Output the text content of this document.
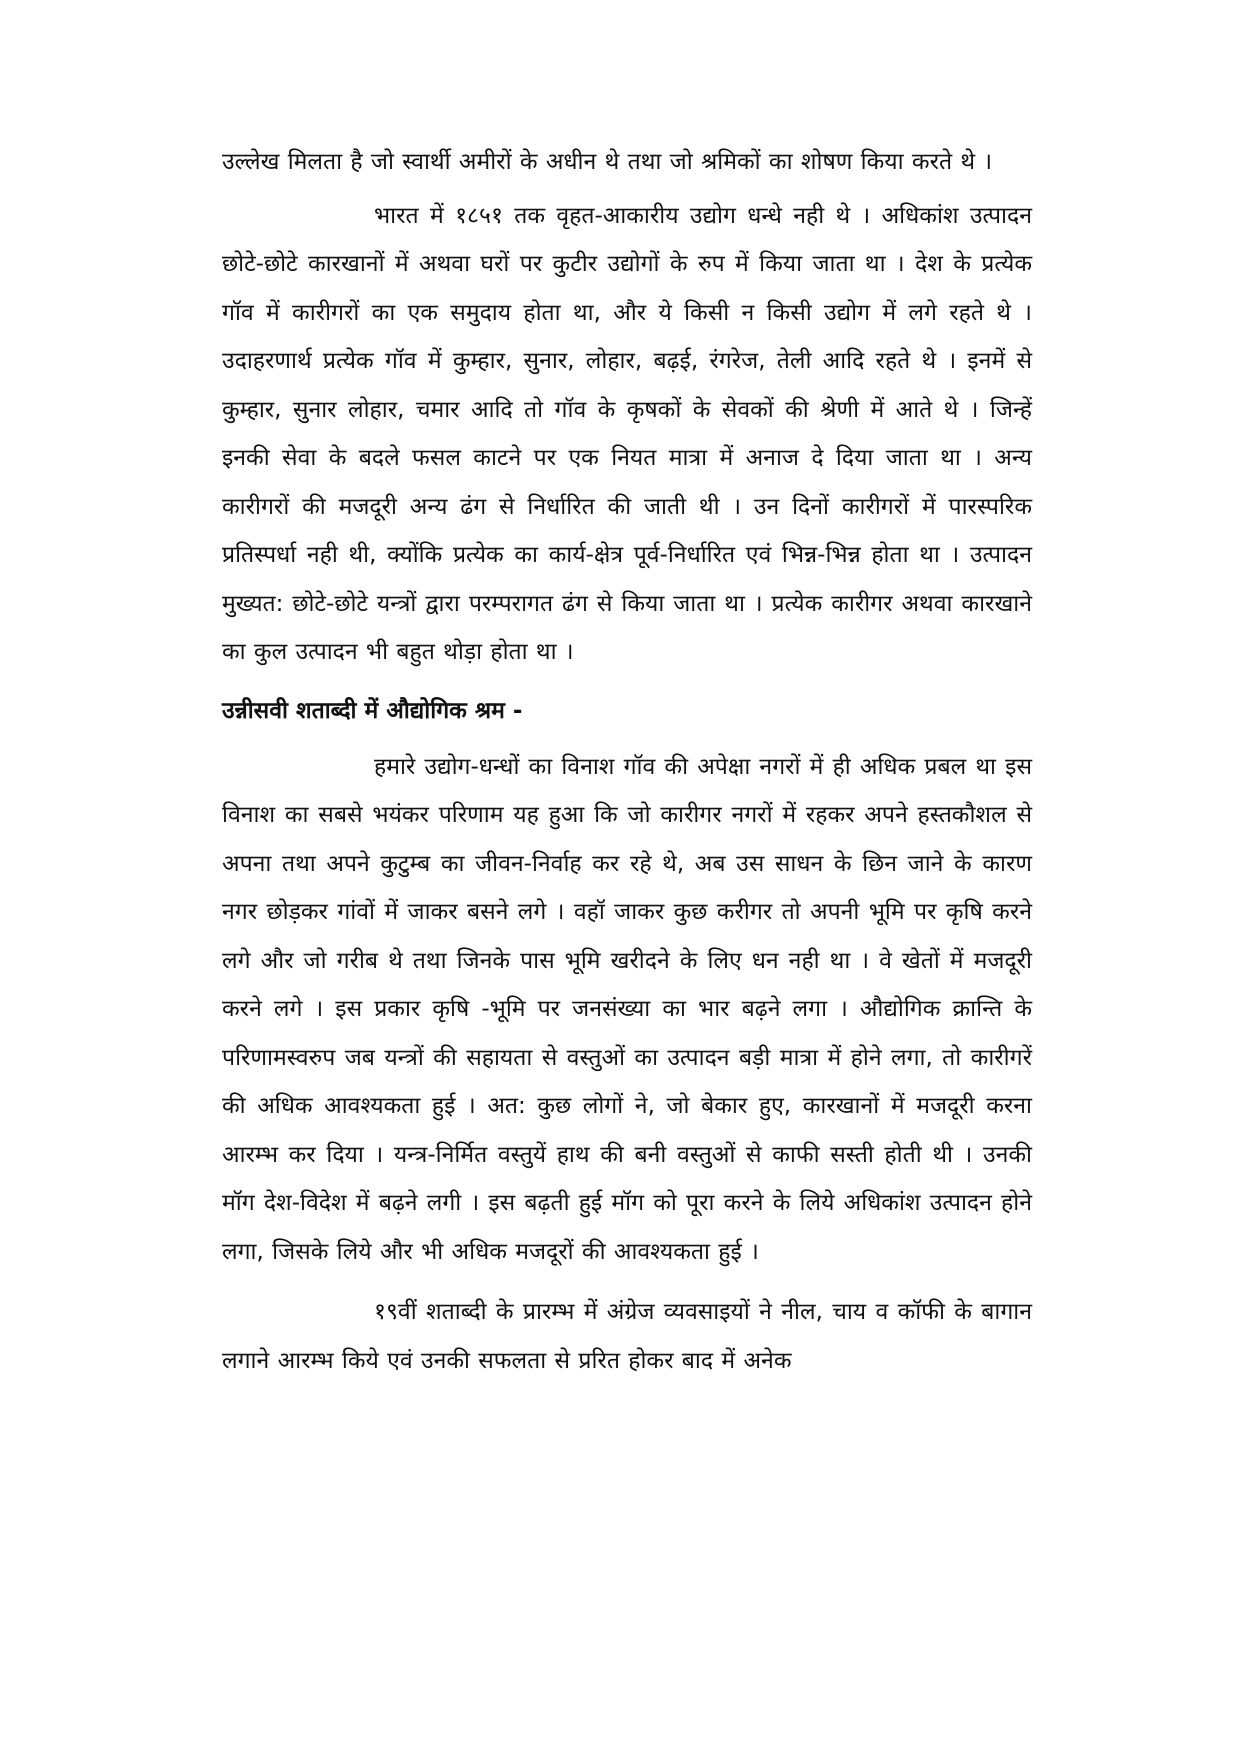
उल्लेख मिलता है जो स्वार्थी अमीरों के अधीन थे तथा जो श्रमिकों का शोषण किया करते थे ।

भारत में १८५१ तक वृहत-आकारीय उद्योग धन्धे नही थे । अधिकांश उत्पादन छोटे-छोटे कारखानों में अथवा घरों पर कुटीर उद्योगों के रुप में किया जाता था । देश के प्रत्येक गॉव में कारीगरों का एक समुदाय होता था, और ये किसी न किसी उद्योग में लगे रहते थे । उदाहरणार्थ प्रत्येक गॉव में कुम्हार, सुनार, लोहार, बढ़ई, रंगरेज, तेली आदि रहते थे । इनमें से कुम्हार, सुनार लोहार, चमार आदि तो गॉव के कृषकों के सेवकों की श्रेणी में आते थे । जिन्हें इनकी सेवा के बदले फसल काटने पर एक नियत मात्रा में अनाज दे दिया जाता था । अन्य कारीगरों की मजदूरी अन्य ढंग से निर्धारित की जाती थी । उन दिनों कारीगरों में पारस्परिक प्रतिस्पर्धा नही थी, क्योंकि प्रत्येक का कार्य-क्षेत्र पूर्व-निर्धारित एवं भिन्न-भिन्न होता था । उत्पादन मुख्यत: छोटे-छोटे यन्त्रों द्वारा परम्परागत ढंग से किया जाता था । प्रत्येक कारीगर अथवा कारखाने का कुल उत्पादन भी बहुत थोड़ा होता था ।

उन्नीसवी शताब्दी में औद्योगिक श्रम -

हमारे उद्योग-धन्धों का विनाश गॉव की अपेक्षा नगरों में ही अधिक प्रबल था इस विनाश का सबसे भयंकर परिणाम यह हुआ कि जो कारीगर नगरों में रहकर अपने हस्तकौशल से अपना तथा अपने कुटुम्ब का जीवन-निर्वाह कर रहे थे, अब उस साधन के छिन जाने के कारण नगर छोड़कर गांवों में जाकर बसने लगे । वहॉ जाकर कुछ करीगर तो अपनी भूमि पर कृषि करने लगे और जो गरीब थे तथा जिनके पास भूमि खरीदने के लिए धन नही था । वे खेतों में मजदूरी करने लगे । इस प्रकार कृषि -भूमि पर जनसंख्या का भार बढ़ने लगा । औद्योगिक क्रान्ति के परिणामस्वरुप जब यन्त्रों की सहायता से वस्तुओं का उत्पादन बड़ी मात्रा में होने लगा, तो कारीगरें की अधिक आवश्यकता हुई । अत: कुछ लोगों ने, जो बेकार हुए, कारखानों में मजदूरी करना आरम्भ कर दिया । यन्त्र-निर्मित वस्तुयें हाथ की बनी वस्तुओं से काफी सस्ती होती थी । उनकी मॉग देश-विदेश में बढ़ने लगी । इस बढ़ती हुई मॉग को पूरा करने के लिये अधिकांश उत्पादन होने लगा, जिसके लिये और भी अधिक मजदूरों की आवश्यकता हुई ।

१९वीं शताब्दी के प्रारम्भ में अंग्रेज व्यवसाइयों ने नील, चाय व कॉफी के बागान लगाने आरम्भ किये एवं उनकी सफलता से प्ररित होकर बाद में अनेक
